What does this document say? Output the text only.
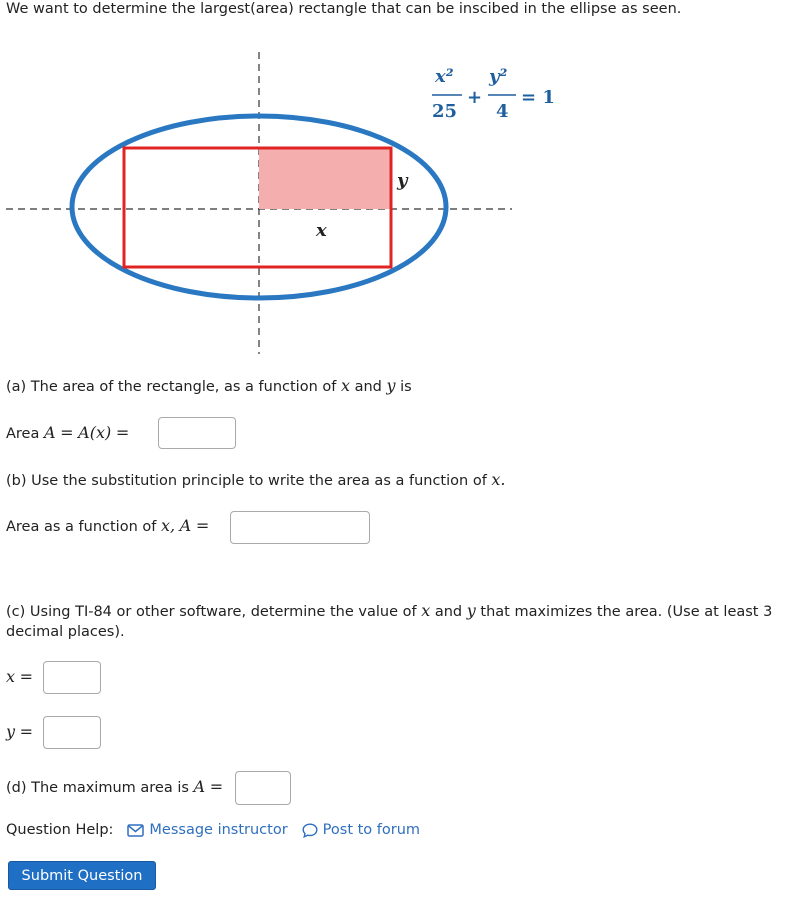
We want to determine the largest(area) rectangle that can be inscibed in the ellipse as seen.
y
x
x²
25
+
y²
4
= 1
(a) The area of the rectangle, as a function of x and y is
Area A = A(x) =
(b) Use the substitution principle to write the area as a function of x.
Area as a function of x, A =
(c) Using TI-84 or other software, determine the value of x and y that maximizes the area. (Use at least 3
decimal places).
x =
y =
(d) The maximum area is A =
Question Help: Message instructor Post to forum
Submit Question
